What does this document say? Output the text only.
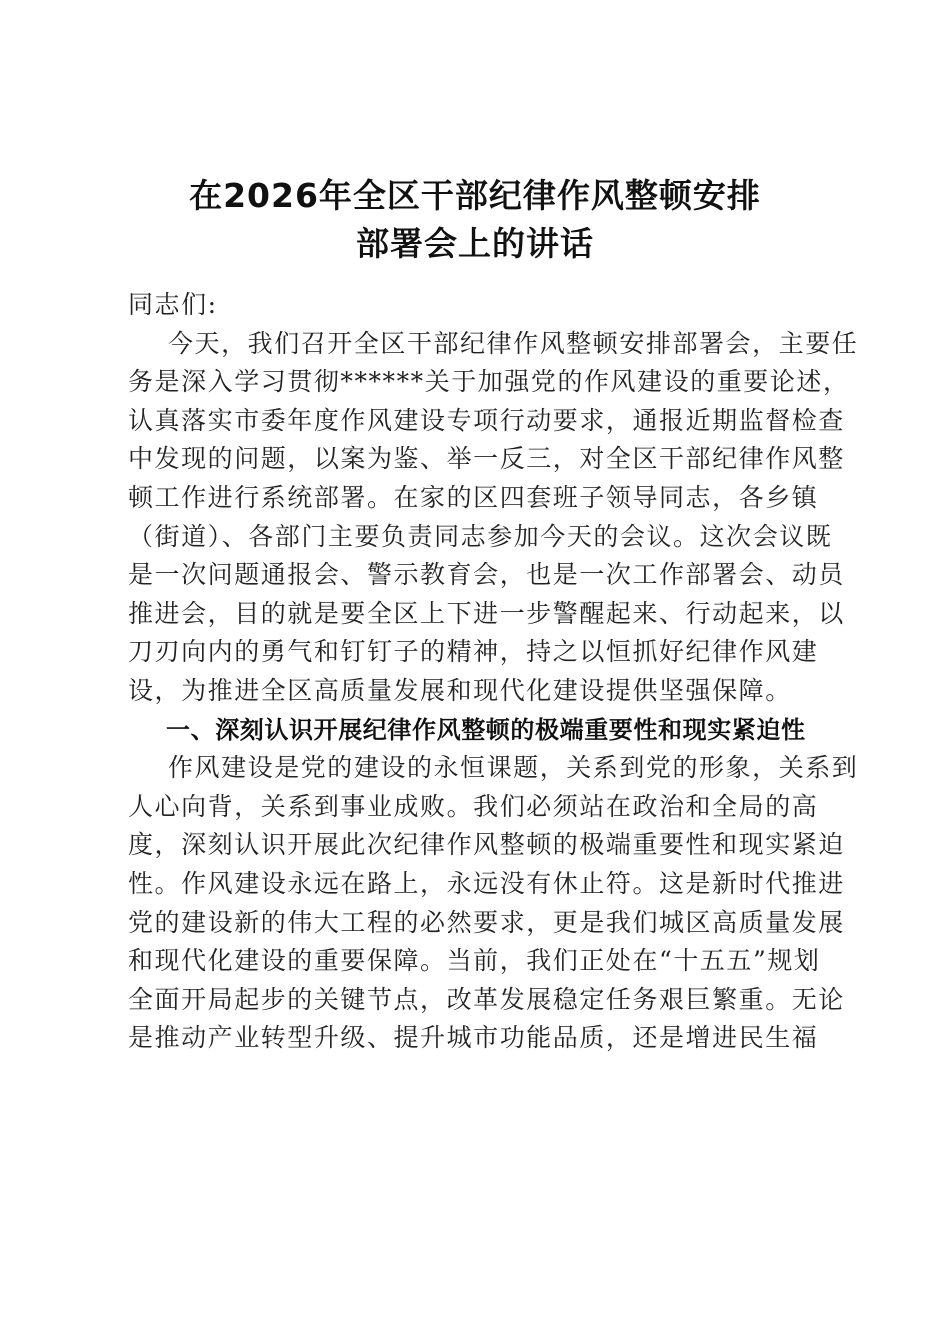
在2026年全区干部纪律作风整顿安排
部署会上的讲话
同志们:
今天，我们召开全区干部纪律作风整顿安排部署会，主要任
务是深入学习贯彻******关于加强党的作风建设的重要论述，
认真落实市委年度作风建设专项行动要求，通报近期监督检查
中发现的问题，以案为鉴、举一反三，对全区干部纪律作风整
顿工作进行系统部署。在家的区四套班子领导同志，各乡镇
（街道）、各部门主要负责同志参加今天的会议。这次会议既
是一次问题通报会、警示教育会，也是一次工作部署会、动员
推进会，目的就是要全区上下进一步警醒起来、行动起来，以
刀刃向内的勇气和钉钉子的精神，持之以恒抓好纪律作风建
设，为推进全区高质量发展和现代化建设提供坚强保障。
一、深刻认识开展纪律作风整顿的极端重要性和现实紧迫性
作风建设是党的建设的永恒课题，关系到党的形象，关系到
人心向背，关系到事业成败。我们必须站在政治和全局的高
度，深刻认识开展此次纪律作风整顿的极端重要性和现实紧迫
性。作风建设永远在路上，永远没有休止符。这是新时代推进
党的建设新的伟大工程的必然要求，更是我们城区高质量发展
和现代化建设的重要保障。当前，我们正处在“十五五”规划
全面开局起步的关键节点，改革发展稳定任务艰巨繁重。无论
是推动产业转型升级、提升城市功能品质，还是增进民生福
